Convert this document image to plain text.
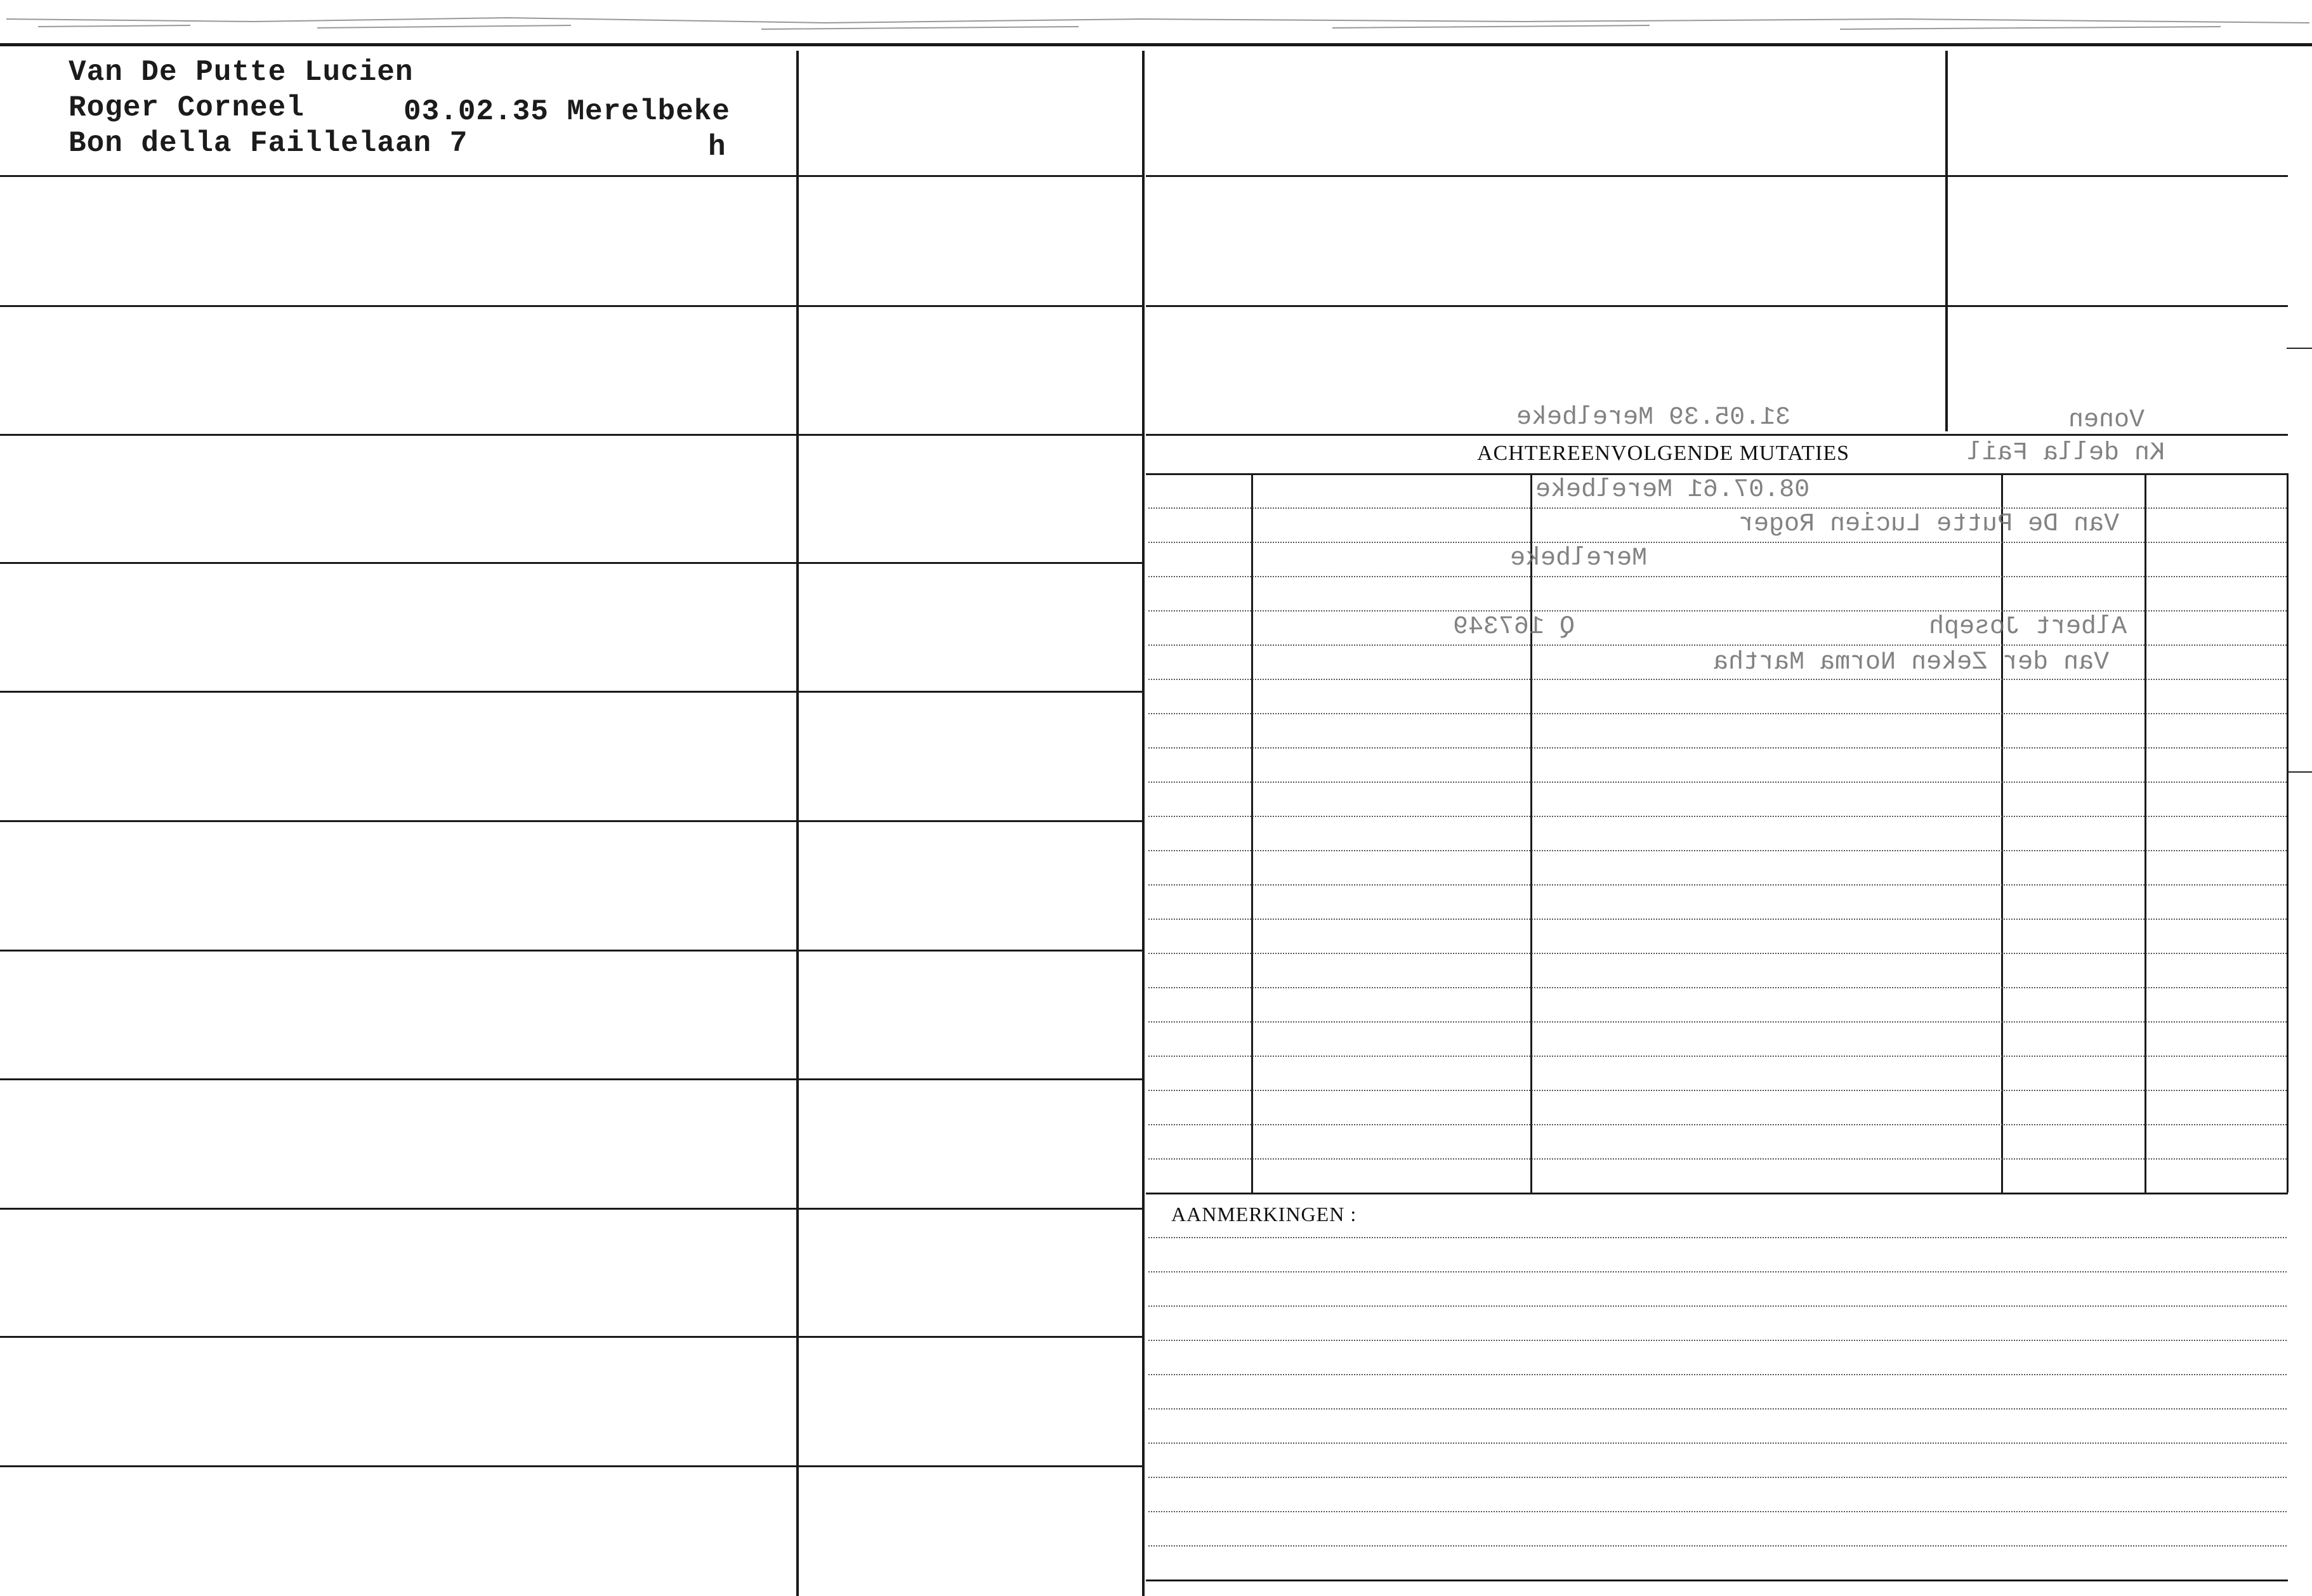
Van De Putte Lucien
Roger Corneel	03.02.35 Merelbeke
Bon della Faillelaan 7	h
ACHTEREENVOLGENDE MUTATIES
31.05.39 Merelbeke
Kn della Fail
08.07.61 Merelbeke
Van De Putte Lucien Roger
Merelbeke
Albert Joseph
Q 167349
Van der Zeken Norma Martha
Vonen
AANMERKINGEN :
